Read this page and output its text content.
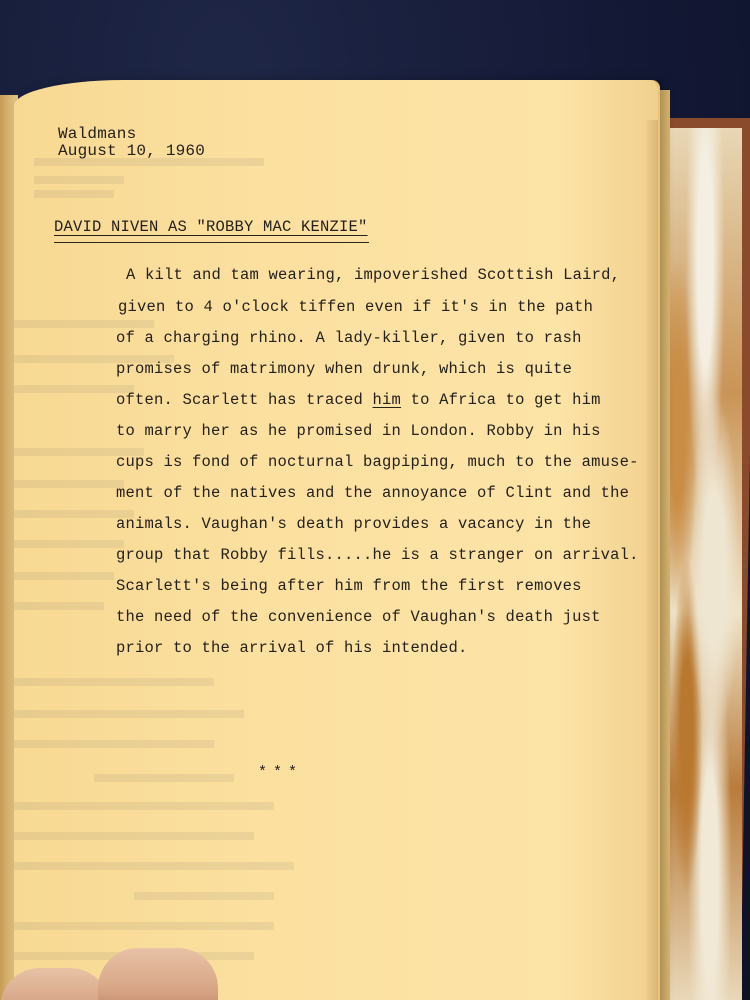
Waldmans
August 10, 1960
DAVID NIVEN AS "ROBBY MAC KENZIE"
A kilt and tam wearing, impoverished Scottish Laird,
given to 4 o'clock tiffen even if it's in the path
of a charging rhino. A lady-killer, given to rash
promises of matrimony when drunk, which is quite
often. Scarlett has traced him to Africa to get him
to marry her as he promised in London. Robby in his
cups is fond of nocturnal bagpiping, much to the amuse-
ment of the natives and the annoyance of Clint and the
animals. Vaughan's death provides a vacancy in the
group that Robby fills.....he is a stranger on arrival.
Scarlett's being after him from the first removes
the need of the convenience of Vaughan's death just
prior to the arrival of his intended.
***
